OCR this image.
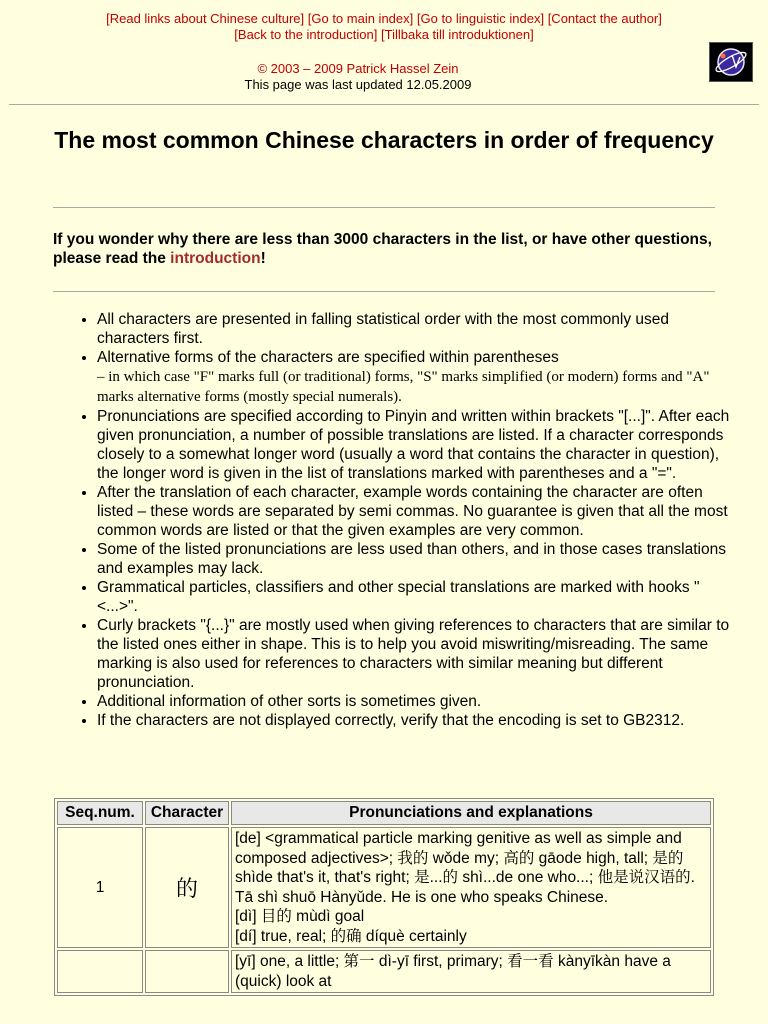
[Read links about Chinese culture] [Go to main index] [Go to linguistic index] [Contact the author]
[Back to the introduction] [Tillbaka till introduktionen]
© 2003 – 2009 Patrick Hassel Zein
This page was last updated 12.05.2009
The most common Chinese characters in order of frequency
If you wonder why there are less than 3000 characters in the list, or have other questions, please read the introduction!
• All characters are presented in falling statistical order with the most commonly used characters first.
• Alternative forms of the characters are specified within parentheses
– in which case "F" marks full (or traditional) forms, "S" marks simplified (or modern) forms and "A" marks alternative forms (mostly special numerals).
• Pronunciations are specified according to Pinyin and written within brackets "[...]". After each given pronunciation, a number of possible translations are listed. If a character corresponds closely to a somewhat longer word (usually a word that contains the character in question), the longer word is given in the list of translations marked with parentheses and a "=".
• After the translation of each character, example words containing the character are often listed – these words are separated by semi commas. No guarantee is given that all the most common words are listed or that the given examples are very common.
• Some of the listed pronunciations are less used than others, and in those cases translations and examples may lack.
• Grammatical particles, classifiers and other special translations are marked with hooks "<...>".
• Curly brackets "{...}" are mostly used when giving references to characters that are similar to the listed ones either in shape. This is to help you avoid miswriting/misreading. The same marking is also used for references to characters with similar meaning but different pronunciation.
• Additional information of other sorts is sometimes given.
• If the characters are not displayed correctly, verify that the encoding is set to GB2312.
Seq.num.	Character	Pronunciations and explanations
1	的	[de] <grammatical particle marking genitive as well as simple and composed adjectives>; 我的 wǒde my; 高的 gāode high, tall; 是的 shìde that's it, that's right; 是...的 shì...de one who...; 他是说汉语的. Tā shì shuō Hànyǔde. He is one who speaks Chinese.
[dì] 目的 mùdì goal
[dí] true, real; 的确 díquè certainly

		[yī] one, a little; 第一 dì-yī first, primary; 看一看 kànyīkàn have a (quick) look at
